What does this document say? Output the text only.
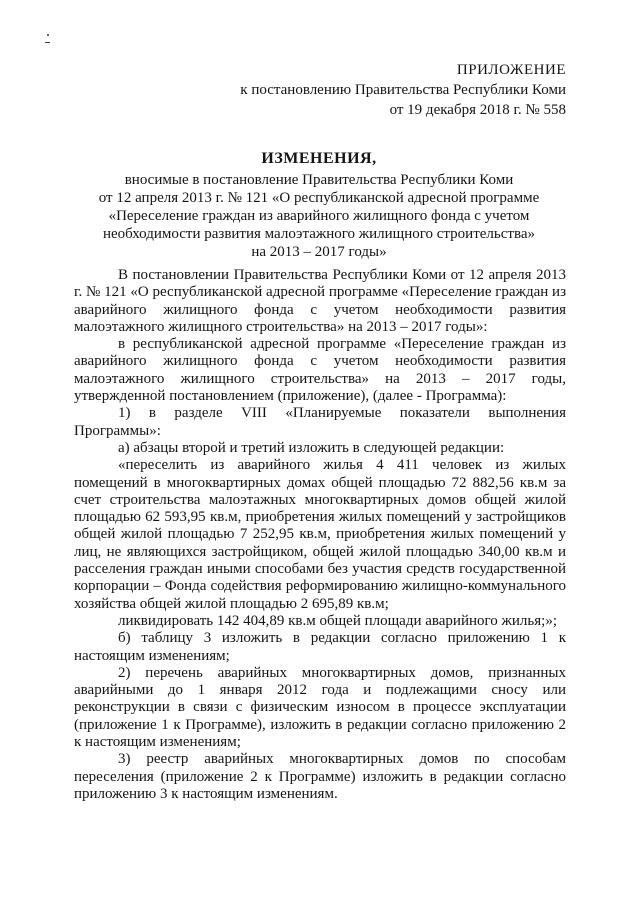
ПРИЛОЖЕНИЕ
к постановлению Правительства Республики Коми
от 19 декабря 2018 г. № 558
ИЗМЕНЕНИЯ,
вносимые в постановление Правительства Республики Коми
от 12 апреля 2013 г. № 121 «О республиканской адресной программе
«Переселение граждан из аварийного жилищного фонда с учетом
необходимости развития малоэтажного жилищного строительства»
на 2013 – 2017 годы»

В постановлении Правительства Республики Коми от 12 апреля 2013 г. № 121 «О республиканской адресной программе «Переселение граждан из аварийного жилищного фонда с учетом необходимости развития малоэтажного жилищного строительства» на 2013 – 2017 годы»:

в республиканской адресной программе «Переселение граждан из аварийного жилищного фонда с учетом необходимости развития малоэтажного жилищного строительства» на 2013 – 2017 годы, утвержденной постановлением (приложение), (далее - Программа):

1) в разделе VIII «Планируемые показатели выполнения Программы»:

а) абзацы второй и третий изложить в следующей редакции:

«переселить из аварийного жилья 4 411 человек из жилых помещений в многоквартирных домах общей площадью 72 882,56 кв.м за счет строительства малоэтажных многоквартирных домов общей жилой площадью 62 593,95 кв.м, приобретения жилых помещений у застройщиков общей жилой площадью 7 252,95 кв.м, приобретения жилых помещений у лиц, не являющихся застройщиком, общей жилой площадью 340,00 кв.м и расселения граждан иными способами без участия средств государственной корпорации – Фонда содействия реформированию жилищно-коммунального хозяйства общей жилой площадью 2 695,89 кв.м;

ликвидировать 142 404,89 кв.м общей площади аварийного жилья;»;

б) таблицу 3 изложить в редакции согласно приложению 1 к настоящим изменениям;

2) перечень аварийных многоквартирных домов, признанных аварийными до 1 января 2012 года и подлежащими сносу или реконструкции в связи с физическим износом в процессе эксплуатации (приложение 1 к Программе), изложить в редакции согласно приложению 2 к настоящим изменениям;

3) реестр аварийных многоквартирных домов по способам переселения (приложение 2 к Программе) изложить в редакции согласно приложению 3 к настоящим изменениям.
